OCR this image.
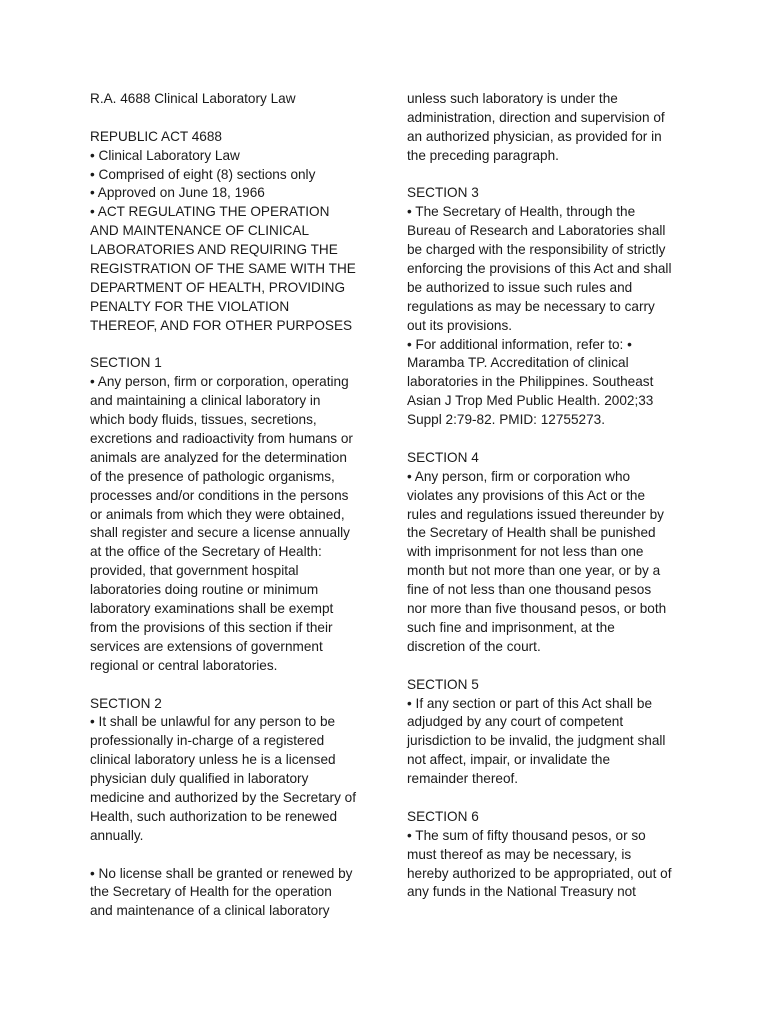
R.A. 4688 Clinical Laboratory Law
REPUBLIC ACT 4688
• Clinical Laboratory Law
• Comprised of eight (8) sections only
• Approved on June 18, 1966
• ACT REGULATING THE OPERATION
AND MAINTENANCE OF CLINICAL
LABORATORIES AND REQUIRING THE
REGISTRATION OF THE SAME WITH THE
DEPARTMENT OF HEALTH, PROVIDING
PENALTY FOR THE VIOLATION
THEREOF, AND FOR OTHER PURPOSES
SECTION 1
• Any person, firm or corporation, operating
and maintaining a clinical laboratory in
which body fluids, tissues, secretions,
excretions and radioactivity from humans or
animals are analyzed for the determination
of the presence of pathologic organisms,
processes and/or conditions in the persons
or animals from which they were obtained,
shall register and secure a license annually
at the office of the Secretary of Health:
provided, that government hospital
laboratories doing routine or minimum
laboratory examinations shall be exempt
from the provisions of this section if their
services are extensions of government
regional or central laboratories.
SECTION 2
• It shall be unlawful for any person to be
professionally in-charge of a registered
clinical laboratory unless he is a licensed
physician duly qualified in laboratory
medicine and authorized by the Secretary of
Health, such authorization to be renewed
annually.
• No license shall be granted or renewed by
the Secretary of Health for the operation
and maintenance of a clinical laboratory
unless such laboratory is under the
administration, direction and supervision of
an authorized physician, as provided for in
the preceding paragraph.
SECTION 3
• The Secretary of Health, through the
Bureau of Research and Laboratories shall
be charged with the responsibility of strictly
enforcing the provisions of this Act and shall
be authorized to issue such rules and
regulations as may be necessary to carry
out its provisions.
• For additional information, refer to: •
Maramba TP. Accreditation of clinical
laboratories in the Philippines. Southeast
Asian J Trop Med Public Health. 2002;33
Suppl 2:79-82. PMID: 12755273.
SECTION 4
• Any person, firm or corporation who
violates any provisions of this Act or the
rules and regulations issued thereunder by
the Secretary of Health shall be punished
with imprisonment for not less than one
month but not more than one year, or by a
fine of not less than one thousand pesos
nor more than five thousand pesos, or both
such fine and imprisonment, at the
discretion of the court.
SECTION 5
• If any section or part of this Act shall be
adjudged by any court of competent
jurisdiction to be invalid, the judgment shall
not affect, impair, or invalidate the
remainder thereof.
SECTION 6
• The sum of fifty thousand pesos, or so
must thereof as may be necessary, is
hereby authorized to be appropriated, out of
any funds in the National Treasury not
